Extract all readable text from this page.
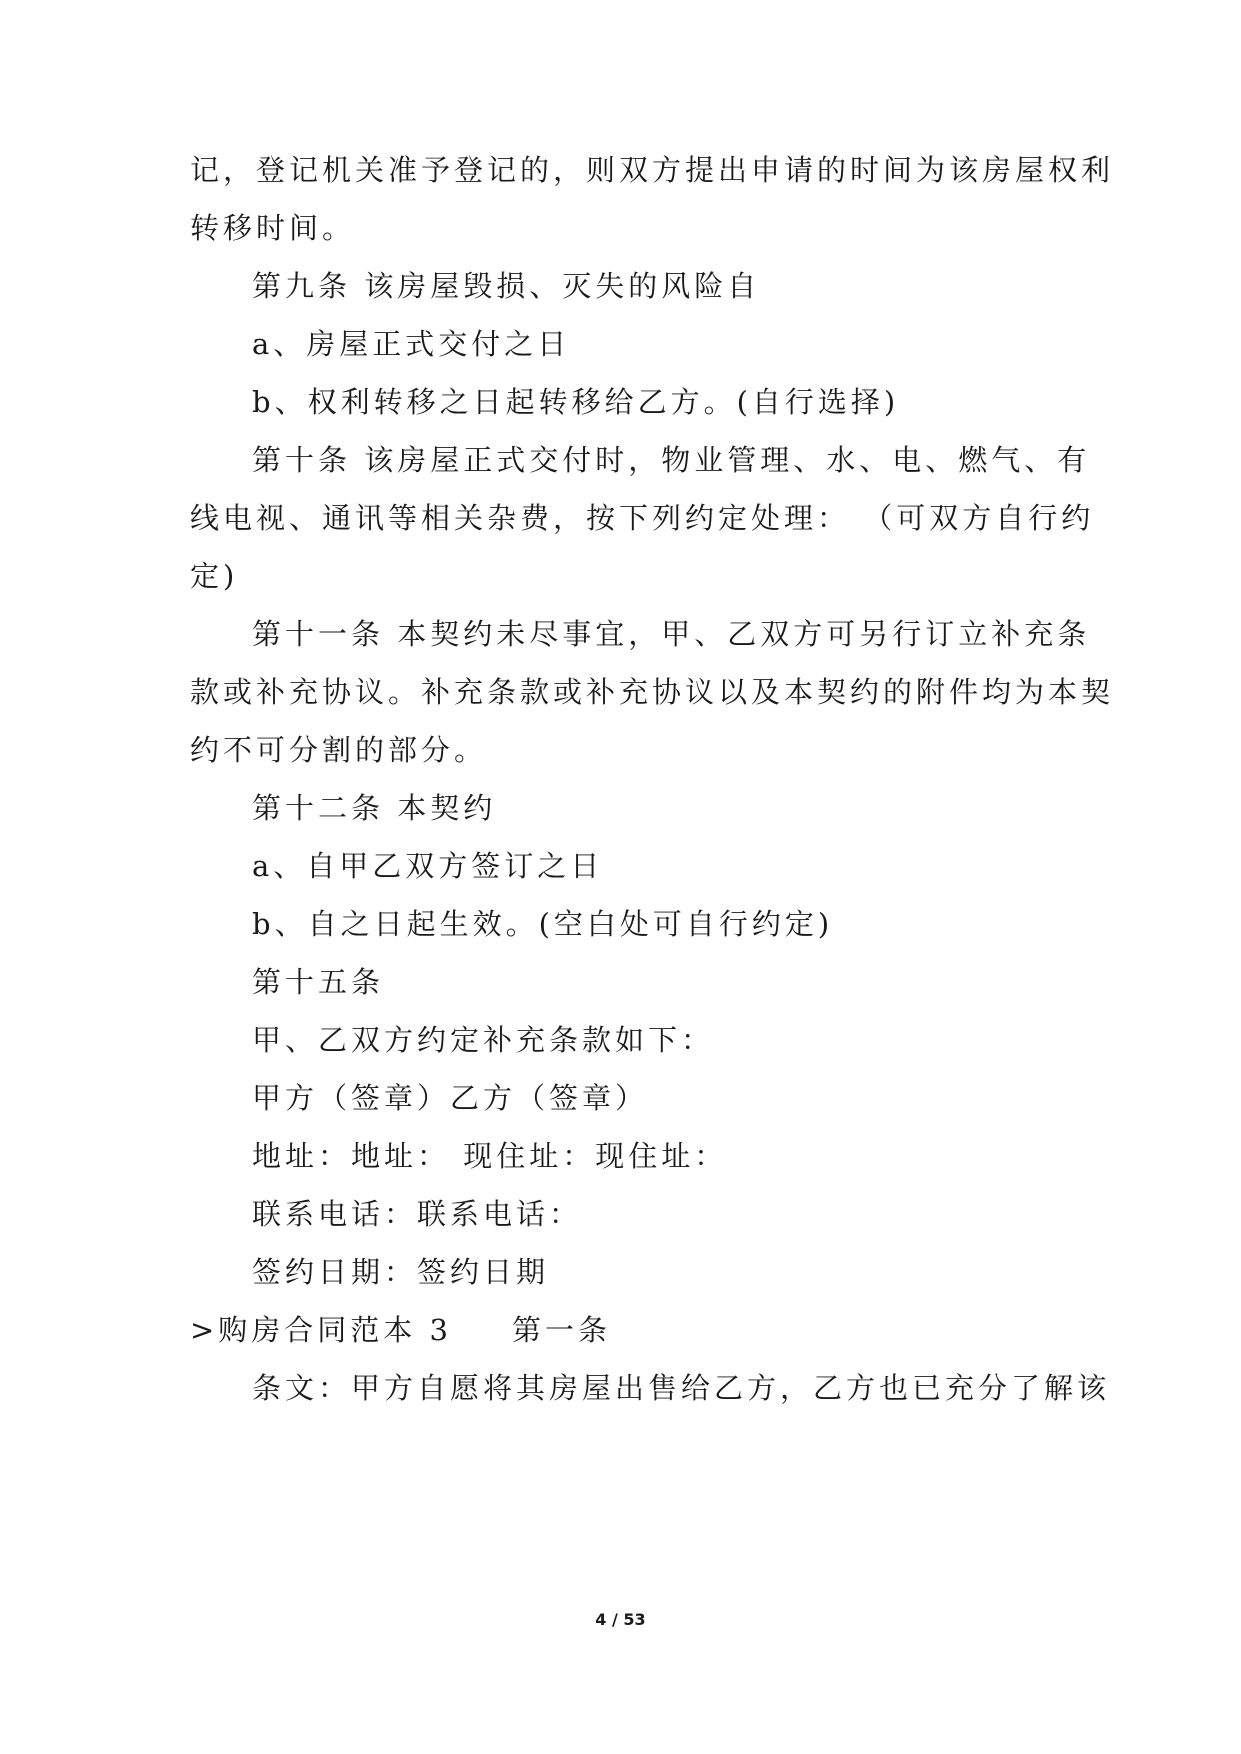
记，登记机关准予登记的，则双方提出申请的时间为该房屋权利
转移时间。
第九条 该房屋毁损、灭失的风险自
a、房屋正式交付之日
b、权利转移之日起转移给乙方。(自行选择)
第十条 该房屋正式交付时，物业管理、水、电、燃气、有
线电视、通讯等相关杂费，按下列约定处理： （可双方自行约
定)
第十一条 本契约未尽事宜，甲、乙双方可另行订立补充条
款或补充协议。补充条款或补充协议以及本契约的附件均为本契
约不可分割的部分。
第十二条 本契约
a、自甲乙双方签订之日
b、自之日起生效。(空白处可自行约定)
第十五条
甲、乙双方约定补充条款如下：
甲方（签章）乙方（签章）
地址：地址： 现住址：现住址：
联系电话：联系电话：
签约日期：签约日期
>购房合同范本 3 第一条
条文：甲方自愿将其房屋出售给乙方，乙方也已充分了解该
4 / 53
